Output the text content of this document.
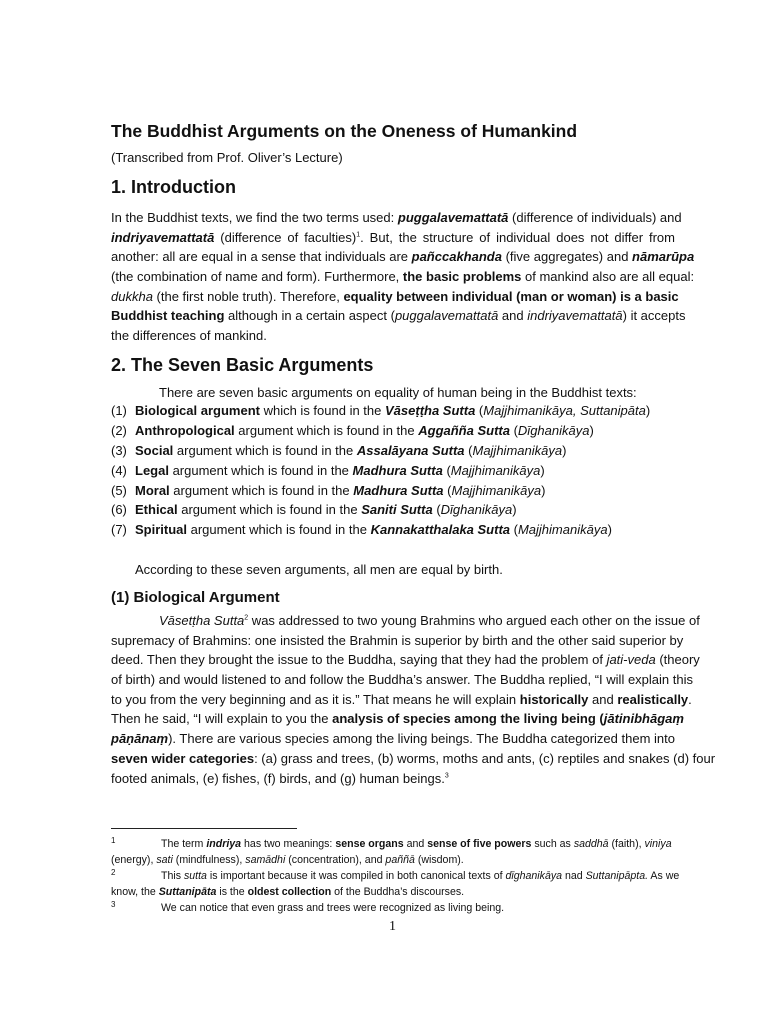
The Buddhist Arguments on the Oneness of Humankind

(Transcribed from Prof. Oliver’s Lecture)

1. Introduction
In the Buddhist texts, we find the two terms used: puggalavemattatā (difference of individuals) and
indriyavemattatā (difference of faculties)$^1$. But, the structure of individual does not differ from
another: all are equal in a sense that individuals are pañccakhanda (five aggregates) and nāmarūpa
(the combination of name and form). Furthermore, the basic problems of mankind also are all equal:
dukkha (the first noble truth). Therefore, equality between individual (man or woman) is a basic
Buddhist teaching although in a certain aspect (puggalavemattatā and indriyavemattatā) it accepts
the differences of mankind.
2. The Seven Basic Arguments

There are seven basic arguments on equality of human being in the Buddhist texts:

(1) Biological argument which is found in the Vāseṭṭha Sutta (Majjhimanikāya, Suttanipāta)
(2) Anthropological argument which is found in the Aggañña Sutta (Dīghanikāya)
(3) Social argument which is found in the Assalāyana Sutta (Majjhimanikāya)
(4) Legal argument which is found in the Madhura Sutta (Majjhimanikāya)
(5) Moral argument which is found in the Madhura Sutta (Majjhimanikāya)
(6) Ethical argument which is found in the Saniti Sutta (Dīghanikāya)
(7) Spiritual argument which is found in the Kannakatthalaka Sutta (Majjhimanikāya)

According to these seven arguments, all men are equal by birth.

(1) Biological Argument
Vāsetṭha Sutta$^2$ was addressed to two young Brahmins who argued each other on the issue of
supremacy of Brahmins: one insisted the Brahmin is superior by birth and the other said superior by
deed. Then they brought the issue to the Buddha, saying that they had the problem of jati-veda (theory
of birth) and would listened to and follow the Buddha’s answer. The Buddha replied, “I will explain this
to you from the very beginning and as it is.” That means he will explain historically and realistically.
Then he said, “I will explain to you the analysis of species among the living being (jātinibhāgaṃ
pāṇānaṃ). There are various species among the living beings. The Buddha categorized them into
seven wider categories: (a) grass and trees, (b) worms, moths and ants, (c) reptiles and snakes (d) four
footed animals, (e) fishes, (f) birds, and (g) human beings.$^3$
1	The term indriya has two meanings: sense organs and sense of five powers such as saddhā (faith), viniya
(energy), sati (mindfulness), samādhi (concentration), and paññā (wisdom).
2	This sutta is important because it was compiled in both canonical texts of dīghanikāya nad Suttanipāpta. As we
know, the Suttanipāta is the oldest collection of the Buddha’s discourses.
3	We can notice that even grass and trees were recognized as living being.
1
